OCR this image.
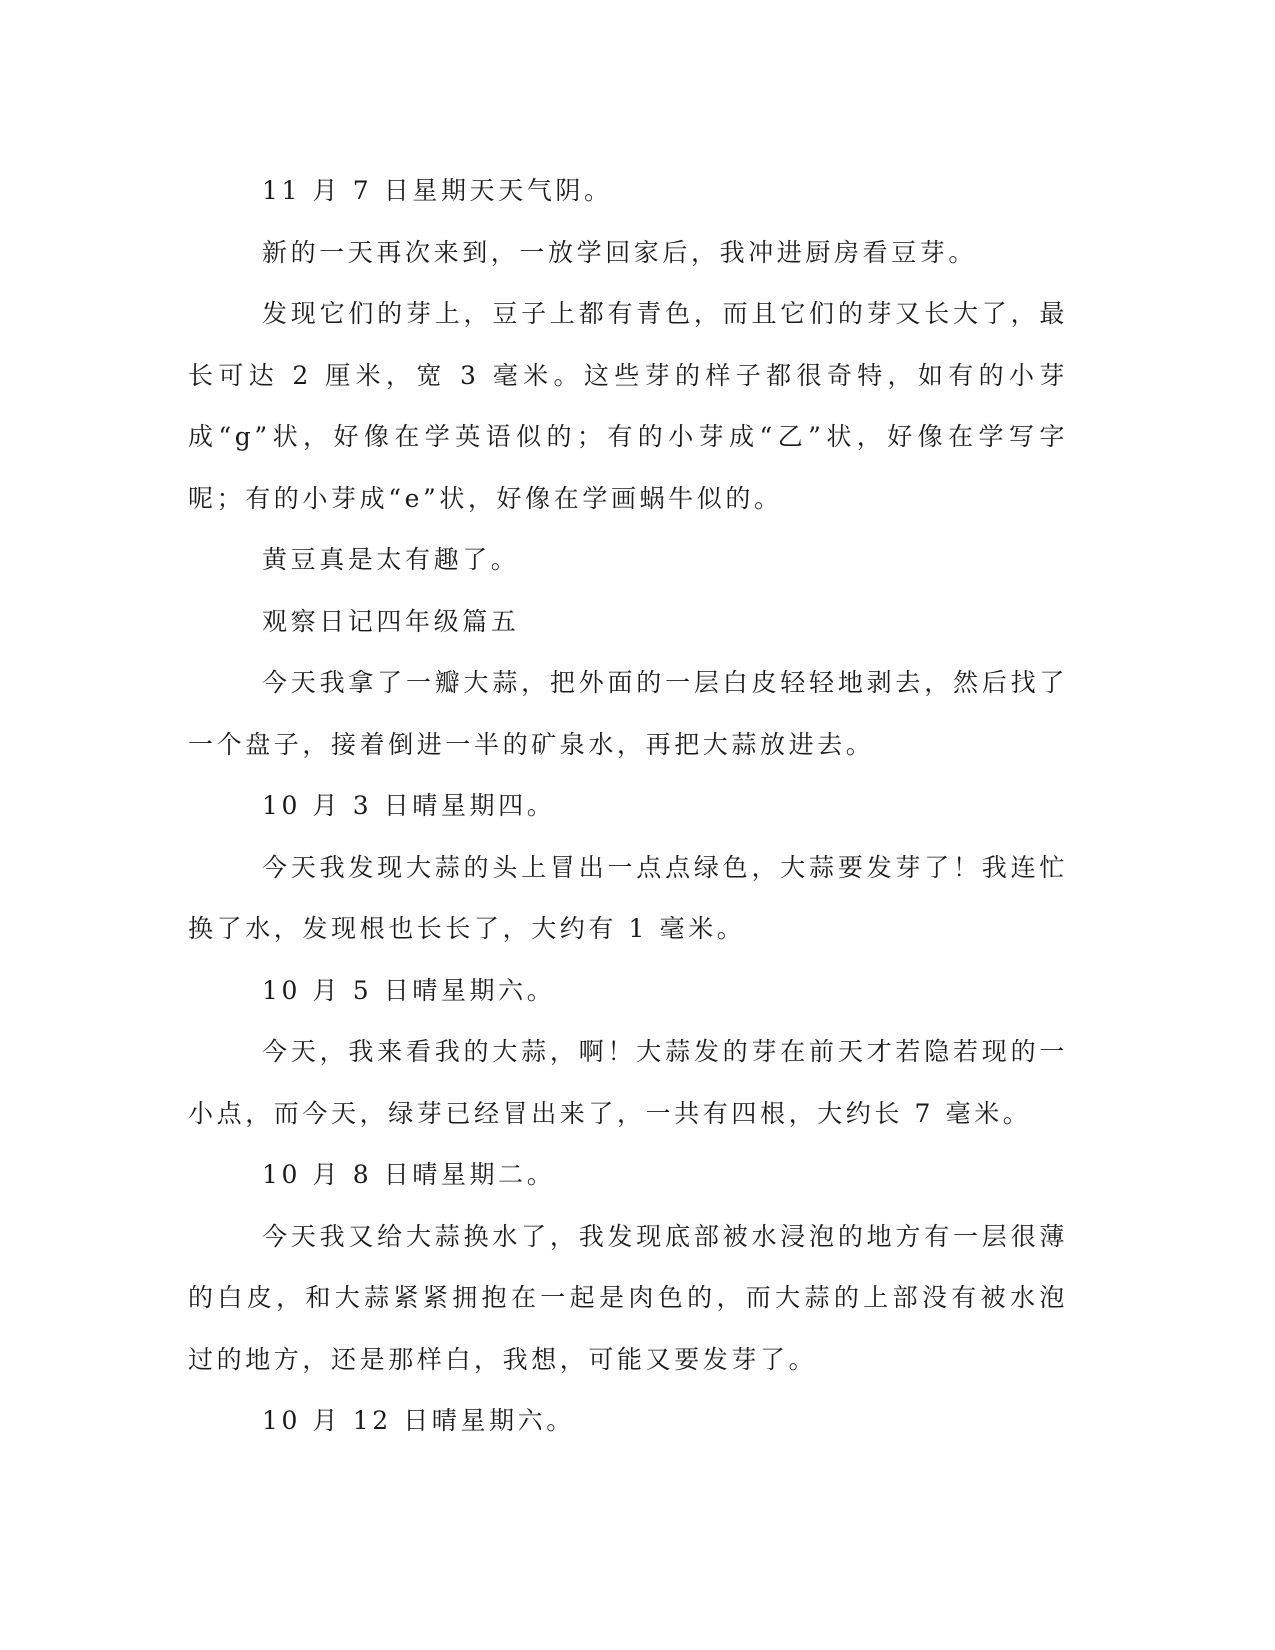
11 月 7 日星期天天气阴。

新的一天再次来到，一放学回家后，我冲进厨房看豆芽。

发现它们的芽上，豆子上都有青色，而且它们的芽又长大了，最长可达 2 厘米，宽 3 毫米。这些芽的样子都很奇特，如有的小芽成“g”状，好像在学英语似的；有的小芽成“乙”状，好像在学写字呢；有的小芽成“e”状，好像在学画蜗牛似的。

黄豆真是太有趣了。

观察日记四年级篇五

今天我拿了一瓣大蒜，把外面的一层白皮轻轻地剥去，然后找了一个盘子，接着倒进一半的矿泉水，再把大蒜放进去。

10 月 3 日晴星期四。

今天我发现大蒜的头上冒出一点点绿色，大蒜要发芽了！我连忙换了水，发现根也长长了，大约有 1 毫米。

10 月 5 日晴星期六。

今天，我来看我的大蒜，啊！大蒜发的芽在前天才若隐若现的一小点，而今天，绿芽已经冒出来了，一共有四根，大约长 7 毫米。

10 月 8 日晴星期二。

今天我又给大蒜换水了，我发现底部被水浸泡的地方有一层很薄的白皮，和大蒜紧紧拥抱在一起是肉色的，而大蒜的上部没有被水泡过的地方，还是那样白，我想，可能又要发芽了。

10 月 12 日晴星期六。
